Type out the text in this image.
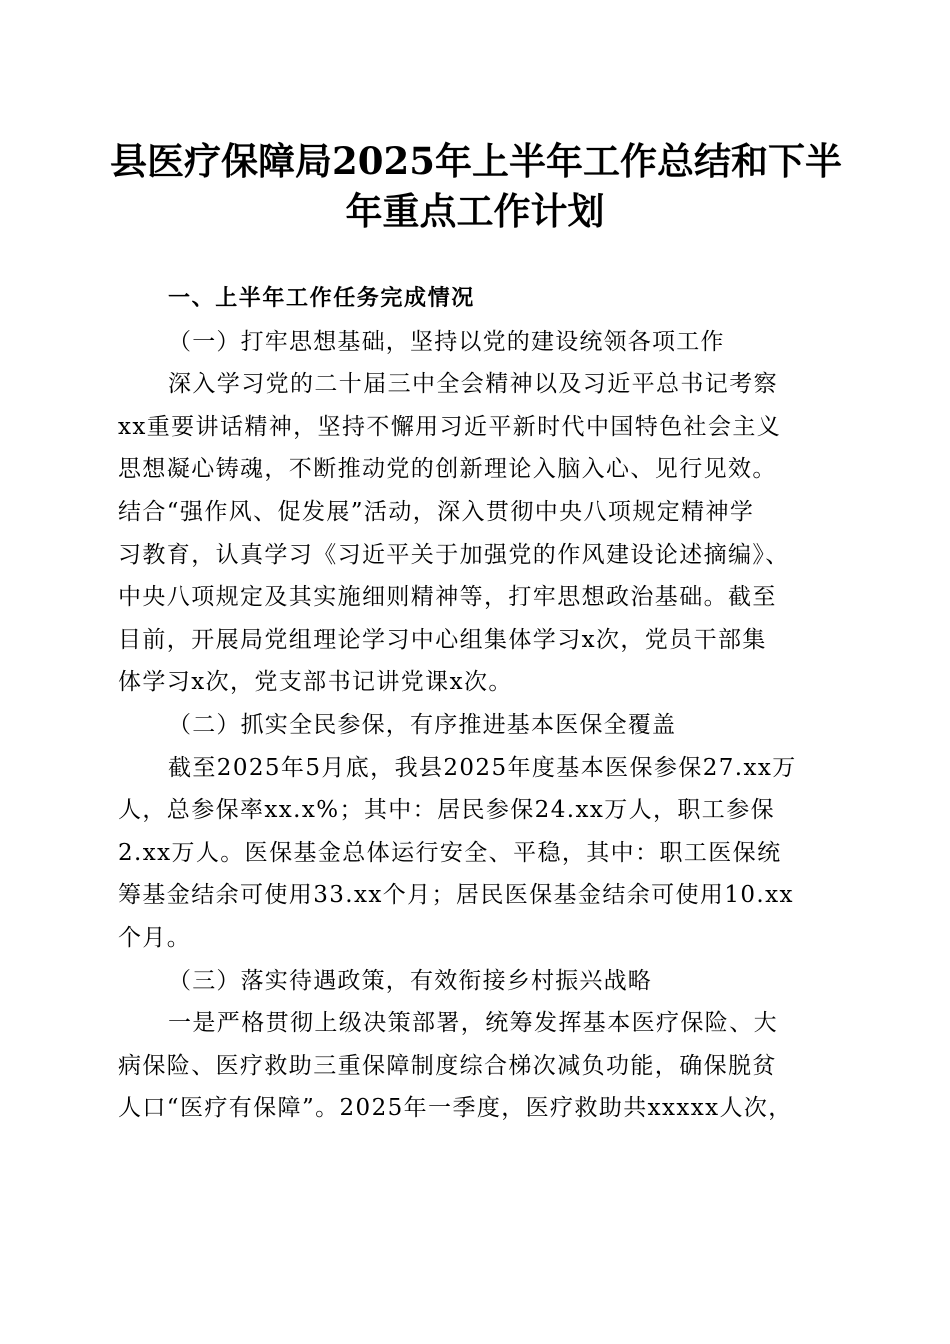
县医疗保障局2025年上半年工作总结和下半
年重点工作计划
一、上半年工作任务完成情况
（一）打牢思想基础，坚持以党的建设统领各项工作
深入学习党的二十届三中全会精神以及习近平总书记考察
xx重要讲话精神，坚持不懈用习近平新时代中国特色社会主义
思想凝心铸魂，不断推动党的创新理论入脑入心、见行见效。
结合“强作风、促发展”活动，深入贯彻中央八项规定精神学
习教育，认真学习《习近平关于加强党的作风建设论述摘编》、
中央八项规定及其实施细则精神等，打牢思想政治基础。截至
目前，开展局党组理论学习中心组集体学习x次，党员干部集
体学习x次，党支部书记讲党课x次。
（二）抓实全民参保，有序推进基本医保全覆盖
截至2025年5月底，我县2025年度基本医保参保27.xx万
人，总参保率xx.x%；其中：居民参保24.xx万人，职工参保
2.xx万人。医保基金总体运行安全、平稳，其中：职工医保统
筹基金结余可使用33.xx个月；居民医保基金结余可使用10.xx
个月。
（三）落实待遇政策，有效衔接乡村振兴战略
一是严格贯彻上级决策部署，统筹发挥基本医疗保险、大
病保险、医疗救助三重保障制度综合梯次减负功能，确保脱贫
人口“医疗有保障”。2025年一季度，医疗救助共xxxxx人次，
